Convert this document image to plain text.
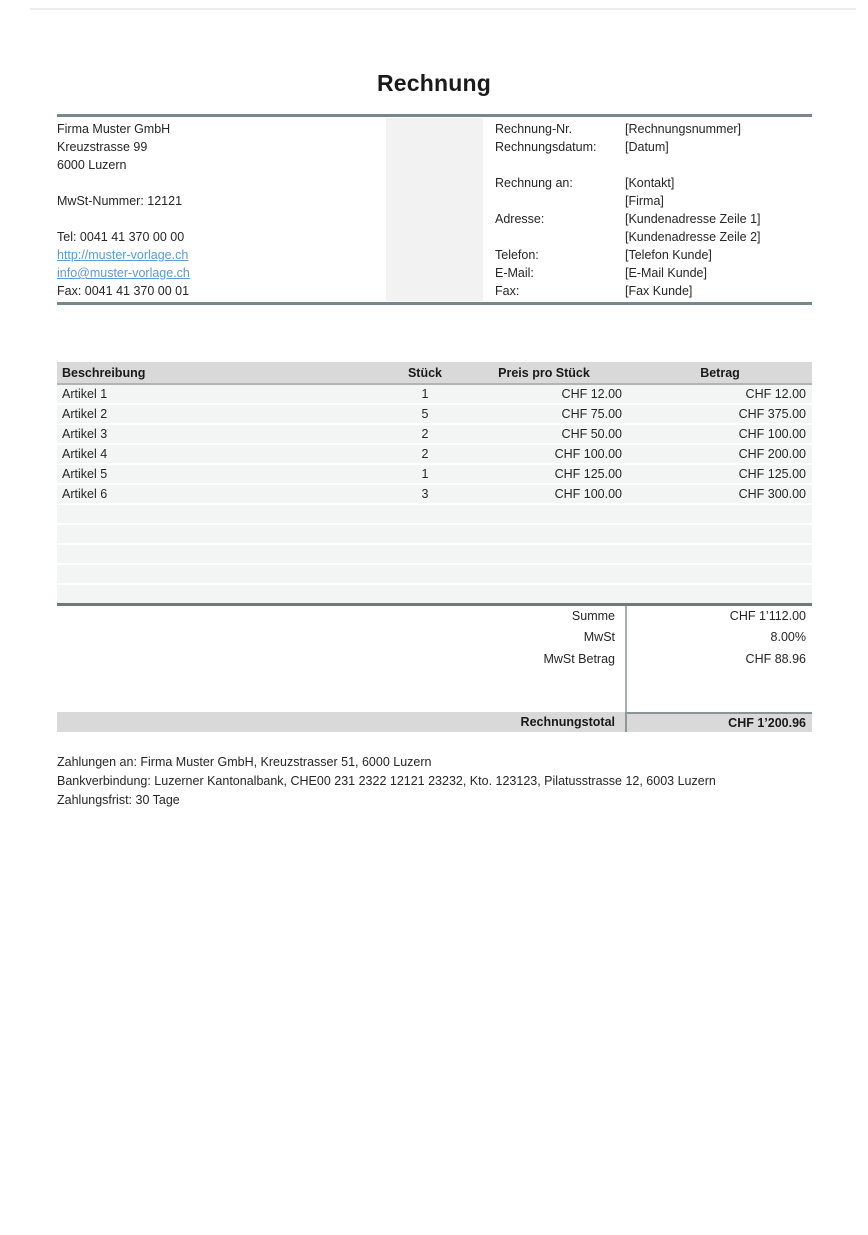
Rechnung
Firma Muster GmbH
Kreuzstrasse 99
6000 Luzern
MwSt-Nummer: 12121
Tel: 0041 41 370 00 00
http://muster-vorlage.ch
info@muster-vorlage.ch
Fax: 0041 41 370 00 01
Rechnung-Nr.	[Rechnungsnummer]
Rechnungsdatum:	[Datum]
Rechnung an:	[Kontakt]
[Firma]
Adresse:	[Kundenadresse Zeile 1]
[Kundenadresse Zeile 2]
Telefon:	[Telefon Kunde]
E-Mail:	[E-Mail Kunde]
Fax:	[Fax Kunde]
Beschreibung	Stück	Preis pro Stück	Betrag
Artikel 1	1	CHF 12.00	CHF 12.00
Artikel 2	5	CHF 75.00	CHF 375.00
Artikel 3	2	CHF 50.00	CHF 100.00
Artikel 4	2	CHF 100.00	CHF 200.00
Artikel 5	1	CHF 125.00	CHF 125.00
Artikel 6	3	CHF 100.00	CHF 300.00

Summe	CHF 1’112.00
MwSt	8.00%
MwSt Betrag	CHF 88.96
Rechnungstotal	CHF 1’200.96
Zahlungen an: Firma Muster GmbH, Kreuzstrasser 51, 6000 Luzern
Bankverbindung: Luzerner Kantonalbank, CHE00 231 2322 12121 23232, Kto. 123123, Pilatusstrasse 12, 6003 Luzern
Zahlungsfrist: 30 Tage
